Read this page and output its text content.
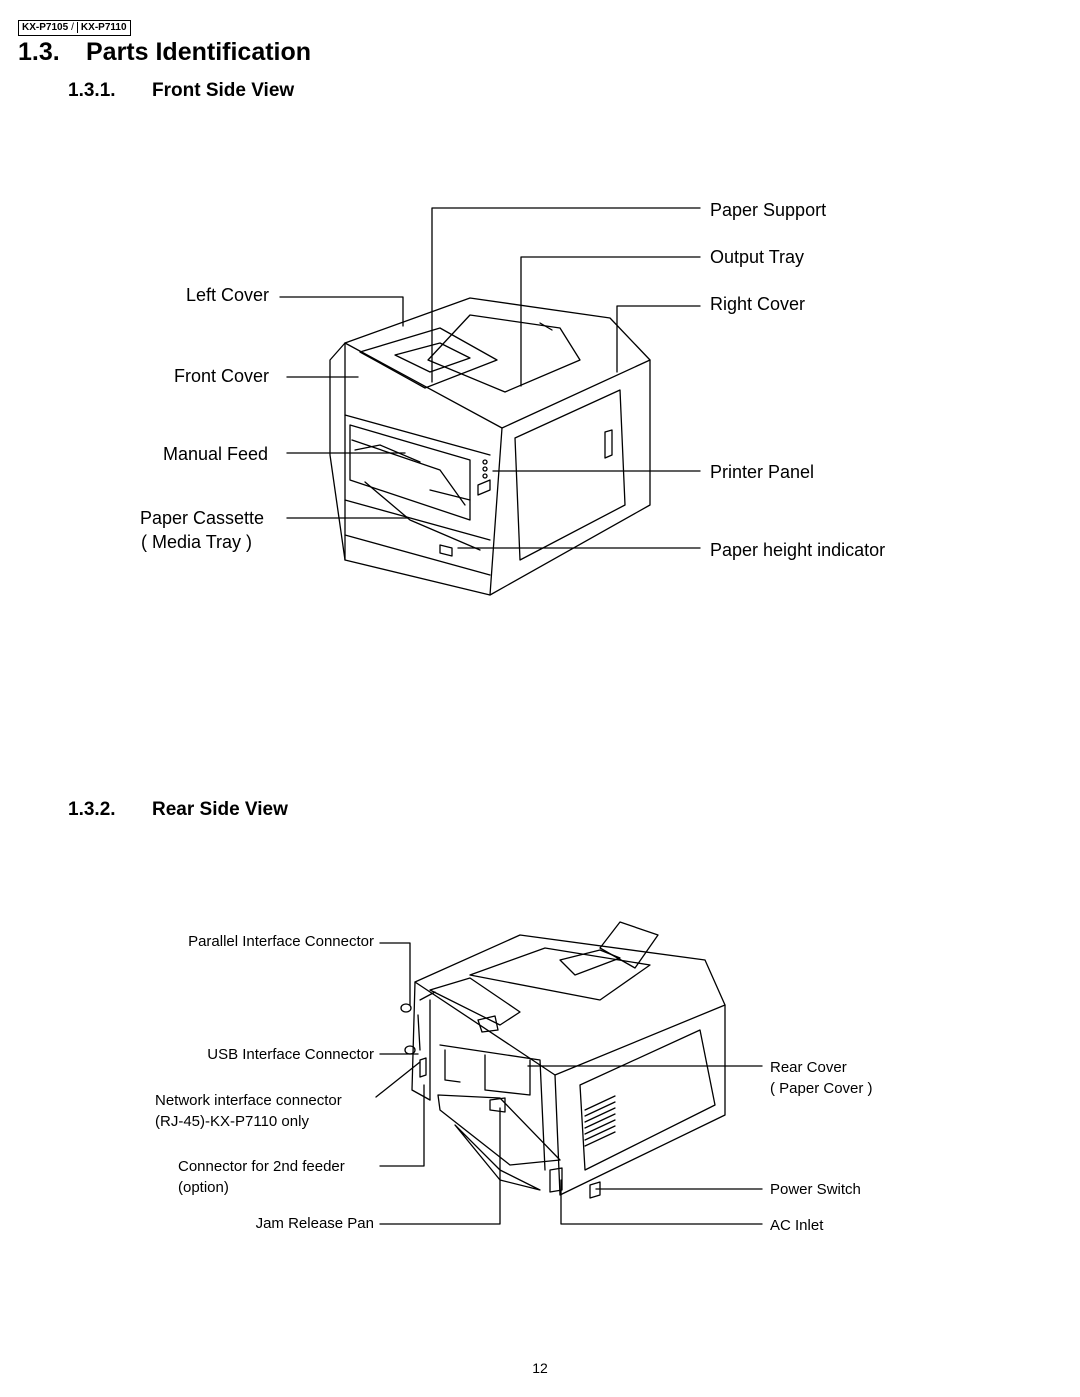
KX-P7105 / KX-P7110
1.3. Parts Identification
1.3.1. Front Side View
1.3.2. Rear Side View
Paper Support
Output Tray
Right Cover
Left Cover
Front Cover
Manual Feed
Printer Panel
Paper Cassette
( Media Tray )	Paper height indicator
Parallel Interface Connector
USB Interface Connector
Network interface connector
(RJ-45)-KX-P7110 only
Connector for 2nd feeder
(option)
Jam Release Pan
Rear Cover
( Paper Cover )
Power Switch
AC Inlet
12
